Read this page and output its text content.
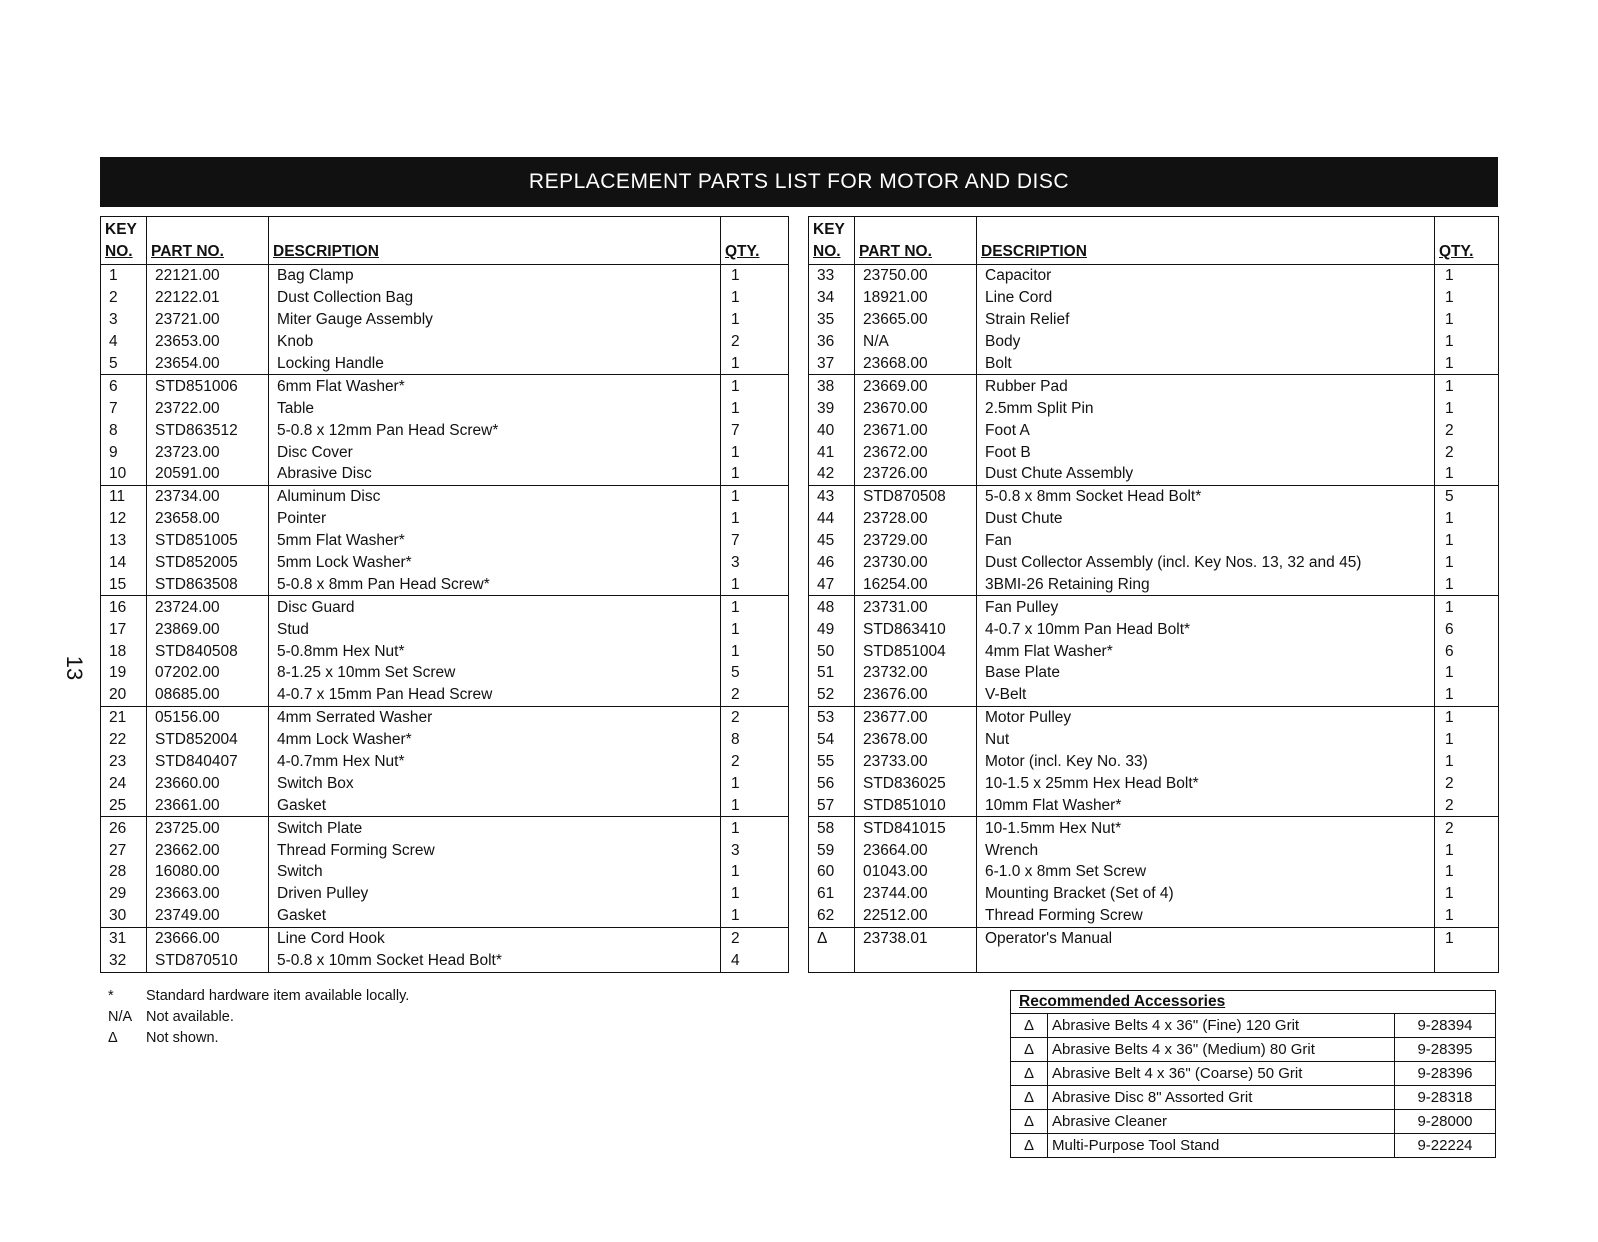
REPLACEMENT PARTS LIST FOR MOTOR AND DISC
13
KEY
NO.	PART NO.	DESCRIPTION	QTY.
1	22121.00	Bag Clamp	1
2	22122.01	Dust Collection Bag	1
3	23721.00	Miter Gauge Assembly	1
4	23653.00	Knob	2
5	23654.00	Locking Handle	1
6	STD851006	6mm Flat Washer*	1
7	23722.00	Table	1
8	STD863512	5-0.8 x 12mm Pan Head Screw*	7
9	23723.00	Disc Cover	1
10	20591.00	Abrasive Disc	1
11	23734.00	Aluminum Disc	1
12	23658.00	Pointer	1
13	STD851005	5mm Flat Washer*	7
14	STD852005	5mm Lock Washer*	3
15	STD863508	5-0.8 x 8mm Pan Head Screw*	1
16	23724.00	Disc Guard	1
17	23869.00	Stud	1
18	STD840508	5-0.8mm Hex Nut*	1
19	07202.00	8-1.25 x 10mm Set Screw	5
20	08685.00	4-0.7 x 15mm Pan Head Screw	2
21	05156.00	4mm Serrated Washer	2
22	STD852004	4mm Lock Washer*	8
23	STD840407	4-0.7mm Hex Nut*	2
24	23660.00	Switch Box	1
25	23661.00	Gasket	1
26	23725.00	Switch Plate	1
27	23662.00	Thread Forming Screw	3
28	16080.00	Switch	1
29	23663.00	Driven Pulley	1
30	23749.00	Gasket	1
31	23666.00	Line Cord Hook	2
32	STD870510	5-0.8 x 10mm Socket Head Bolt*	4
KEY
NO.	PART NO.	DESCRIPTION	QTY.
33	23750.00	Capacitor	1
34	18921.00	Line Cord	1
35	23665.00	Strain Relief	1
36	N/A	Body	1
37	23668.00	Bolt	1
38	23669.00	Rubber Pad	1
39	23670.00	2.5mm Split Pin	1
40	23671.00	Foot A	2
41	23672.00	Foot B	2
42	23726.00	Dust Chute Assembly	1
43	STD870508	5-0.8 x 8mm Socket Head Bolt*	5
44	23728.00	Dust Chute	1
45	23729.00	Fan	1
46	23730.00	Dust Collector Assembly (incl. Key Nos. 13, 32 and 45)	1
47	16254.00	3BMI-26 Retaining Ring	1
48	23731.00	Fan Pulley	1
49	STD863410	4-0.7 x 10mm Pan Head Bolt*	6
50	STD851004	4mm Flat Washer*	6
51	23732.00	Base Plate	1
52	23676.00	V-Belt	1
53	23677.00	Motor Pulley	1
54	23678.00	Nut	1
55	23733.00	Motor (incl. Key No. 33)	1
56	STD836025	10-1.5 x 25mm Hex Head Bolt*	2
57	STD851010	10mm Flat Washer*	2
58	STD841015	10-1.5mm Hex Nut*	2
59	23664.00	Wrench	1
60	01043.00	6-1.0 x 8mm Set Screw	1
61	23744.00	Mounting Bracket (Set of 4)	1
62	22512.00	Thread Forming Screw	1
Δ	23738.01	Operator's Manual	1

*	Standard hardware item available locally.
N/A Not available.
Δ	Not shown.
Recommended Accessories
Δ	Abrasive Belts 4 x 36" (Fine) 120 Grit	9-28394
Δ	Abrasive Belts 4 x 36" (Medium) 80 Grit	9-28395
Δ	Abrasive Belt 4 x 36" (Coarse) 50 Grit	9-28396
Δ	Abrasive Disc 8" Assorted Grit	9-28318
Δ	Abrasive Cleaner	9-28000
Δ	Multi-Purpose Tool Stand	9-22224
